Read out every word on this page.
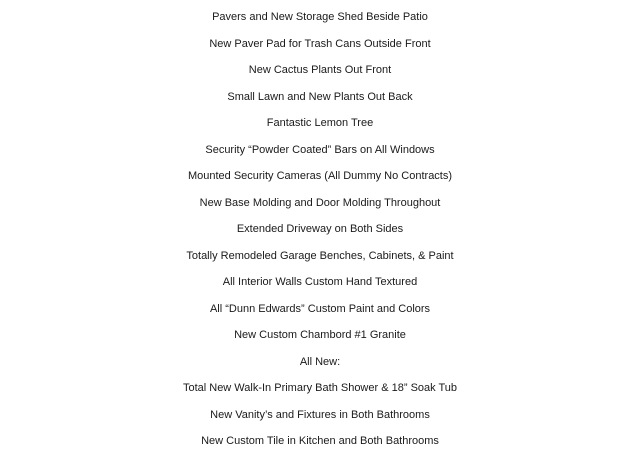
Pavers and New Storage Shed Beside Patio
New Paver Pad for Trash Cans Outside Front
New Cactus Plants Out Front
Small Lawn and New Plants Out Back
Fantastic Lemon Tree
Security “Powder Coated” Bars on All Windows
Mounted Security Cameras (All Dummy No Contracts)
New Base Molding and Door Molding Throughout
Extended Driveway on Both Sides
Totally Remodeled Garage Benches, Cabinets, & Paint
All Interior Walls Custom Hand Textured
All “Dunn Edwards” Custom Paint and Colors
New Custom Chambord #1 Granite
All New:
Total New Walk-In Primary Bath Shower & 18” Soak Tub
New Vanity’s and Fixtures in Both Bathrooms
New Custom Tile in Kitchen and Both Bathrooms
